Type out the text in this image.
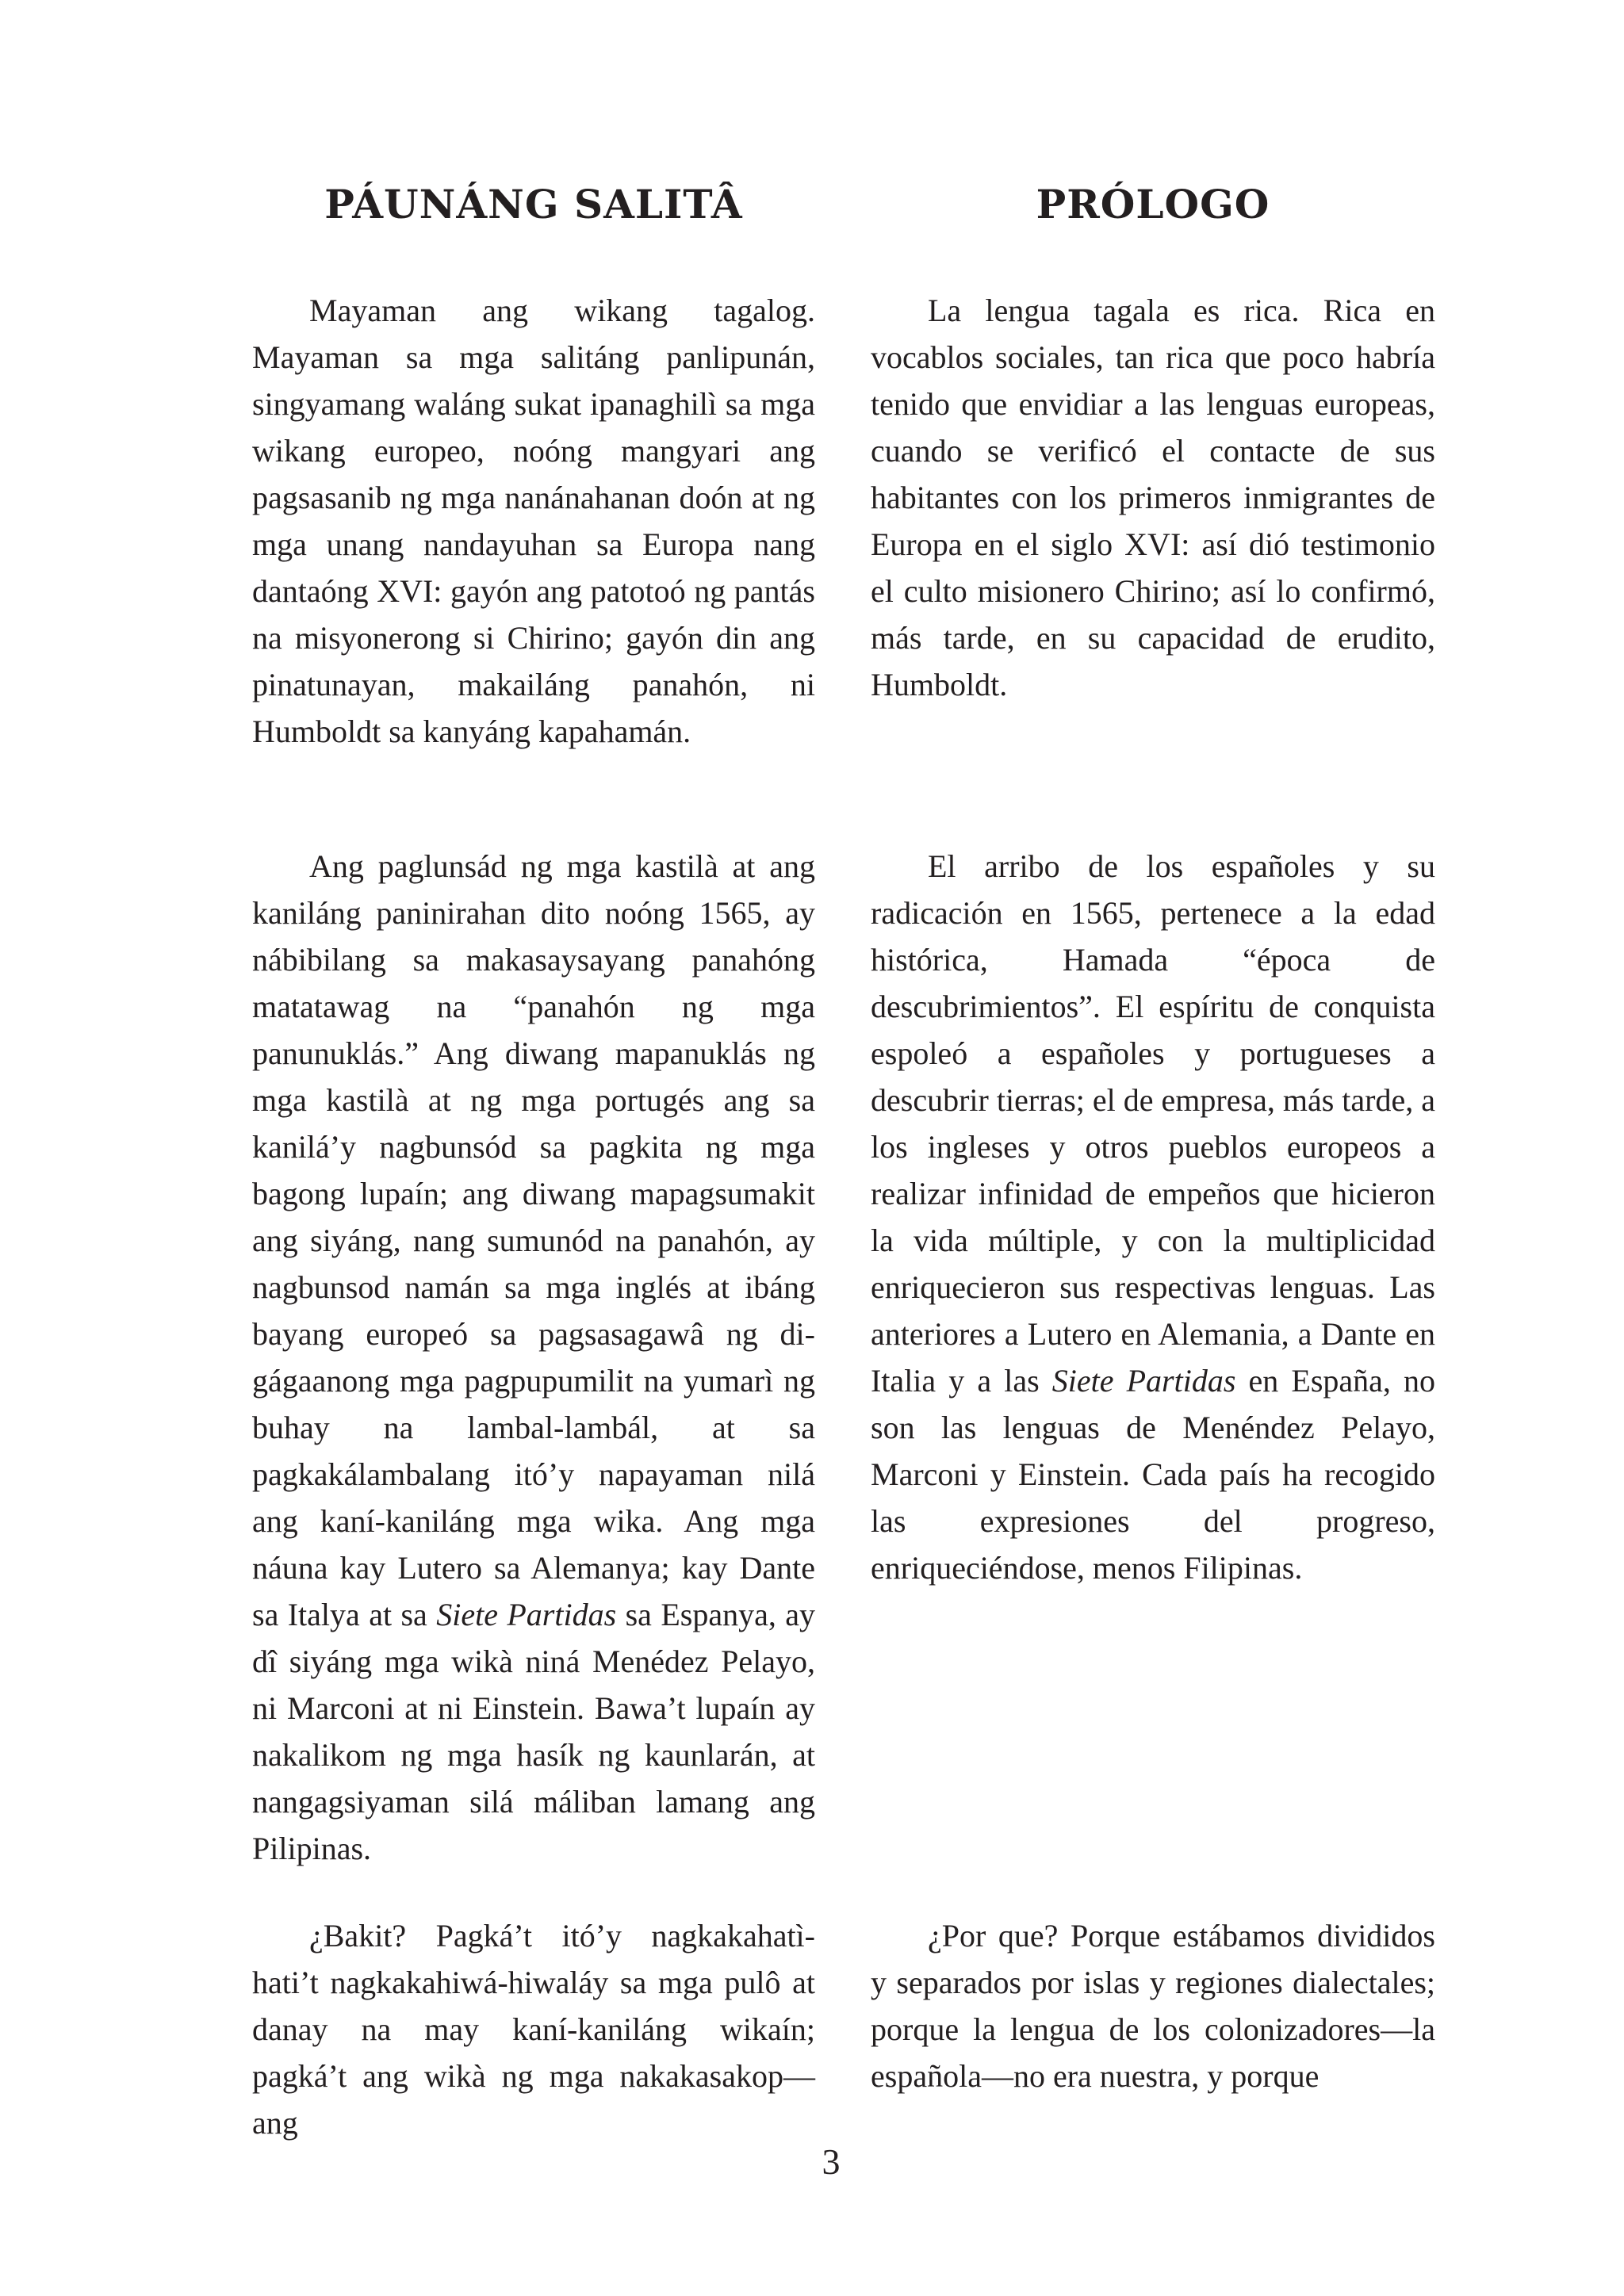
PÁUNÁNG SALITÂ

Mayaman ang wikang tagalog. Mayaman sa mga salitáng panlipunán, singyamang waláng sukat ipanaghilì sa mga wikang europeo, noóng mangyari ang pagsasanib ng mga nanánahanan doón at ng mga unang nandayuhan sa Europa nang dantaóng XVI: gayón ang patotoó ng pantás na misyonerong si Chirino; gayón din ang pinatunayan, makailáng panahón, ni Humboldt sa kanyáng kapahamán.

Ang paglunsád ng mga kastilà at ang kaniláng paninirahan dito noóng 1565, ay nábibilang sa makasaysayang panahóng matatawag na “panahón ng mga panunuklás.” Ang diwang mapanuklás ng mga kastilà at ng mga portugés ang sa kanilá’y nagbunsód sa pagkita ng mga bagong lupaín; ang diwang mapagsumakit ang siyáng, nang sumunód na panahón, ay nagbunsod namán sa mga inglés at ibáng bayang europeó sa pagsasagawâ ng di-gágaanong mga pagpupumilit na yumarì ng buhay na lambal-lambál, at sa pagkakálambalang itó’y napayaman nilá ang kaní-kaniláng mga wika. Ang mga náuna kay Lutero sa Alemanya; kay Dante sa Italya at sa Siete Partidas sa Espanya, ay dî siyáng mga wikà niná Menédez Pelayo, ni Marconi at ni Einstein. Bawa’t lupaín ay nakalikom ng mga hasík ng kaunlarán, at nangagsiyaman silá máliban lamang ang Pilipinas.

¿Bakit? Pagká’t itó’y nagkakahatì-hati’t nagkakahiwá-hiwaláy sa mga pulô at danay na may kaní-kaniláng wikaín; pagká’t ang wikà ng mga nakakasakop—ang

PRÓLOGO

La lengua tagala es rica. Rica en vocablos sociales, tan rica que poco habría tenido que envidiar a las lenguas europeas, cuando se verificó el contacte de sus habitantes con los primeros inmigrantes de Europa en el siglo XVI: así dió testimonio el culto misionero Chirino; así lo confirmó, más tarde, en su capacidad de erudito, Humboldt.

El arribo de los españoles y su radicación en 1565, pertenece a la edad histórica, Hamada “época de descubrimientos”. El espíritu de conquista espoleó a españoles y portugueses a descubrir tierras; el de empresa, más tarde, a los ingleses y otros pueblos europeos a realizar infinidad de empeños que hicieron la vida múltiple, y con la multiplicidad enriquecieron sus respectivas lenguas. Las anteriores a Lutero en Alemania, a Dante en Italia y a las Siete Partidas en España, no son las lenguas de Menéndez Pelayo, Marconi y Einstein. Cada país ha recogido las expresiones del progreso, enriqueciéndose, menos Filipinas.

¿Por que? Porque estábamos divididos y separados por islas y regiones dialectales; porque la lengua de los colonizadores—la española—no era nuestra, y porque

3
